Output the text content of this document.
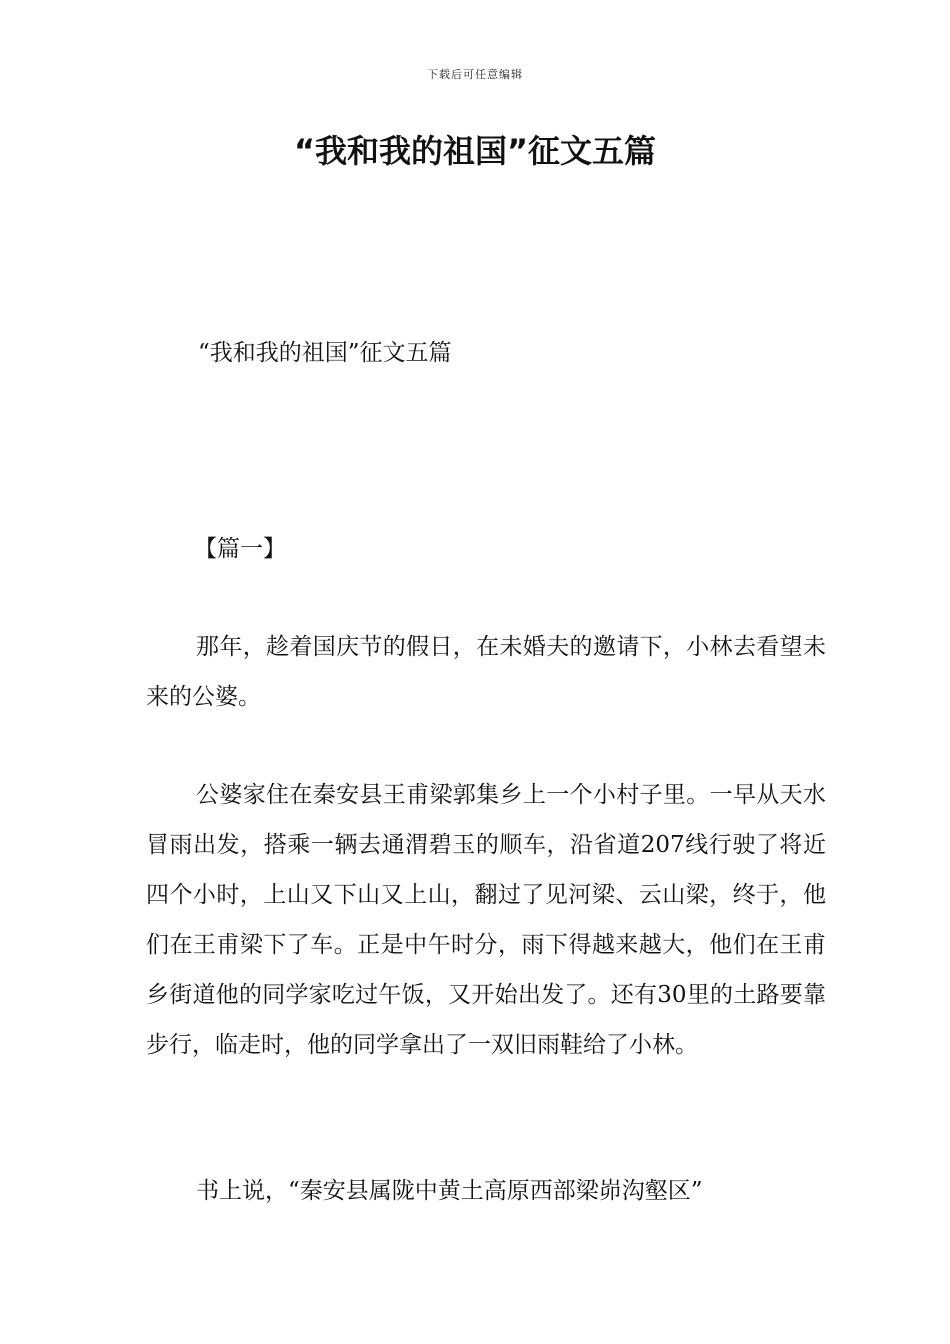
下载后可任意编辑
“我和我的祖国”征文五篇

“我和我的祖国”征文五篇

【篇一】

那年，趁着国庆节的假日，在未婚夫的邀请下，小林去看望未来的公婆。

公婆家住在秦安县王甫梁郭集乡上一个小村子里。一早从天水冒雨出发，搭乘一辆去通渭碧玉的顺车，沿省道207线行驶了将近四个小时，上山又下山又上山，翻过了见河梁、云山梁，终于，他们在王甫梁下了车。正是中午时分，雨下得越来越大，他们在王甫乡街道他的同学家吃过午饭，又开始出发了。还有30里的土路要靠步行，临走时，他的同学拿出了一双旧雨鞋给了小林。

书上说，“秦安县属陇中黄土高原西部梁峁沟壑区”
